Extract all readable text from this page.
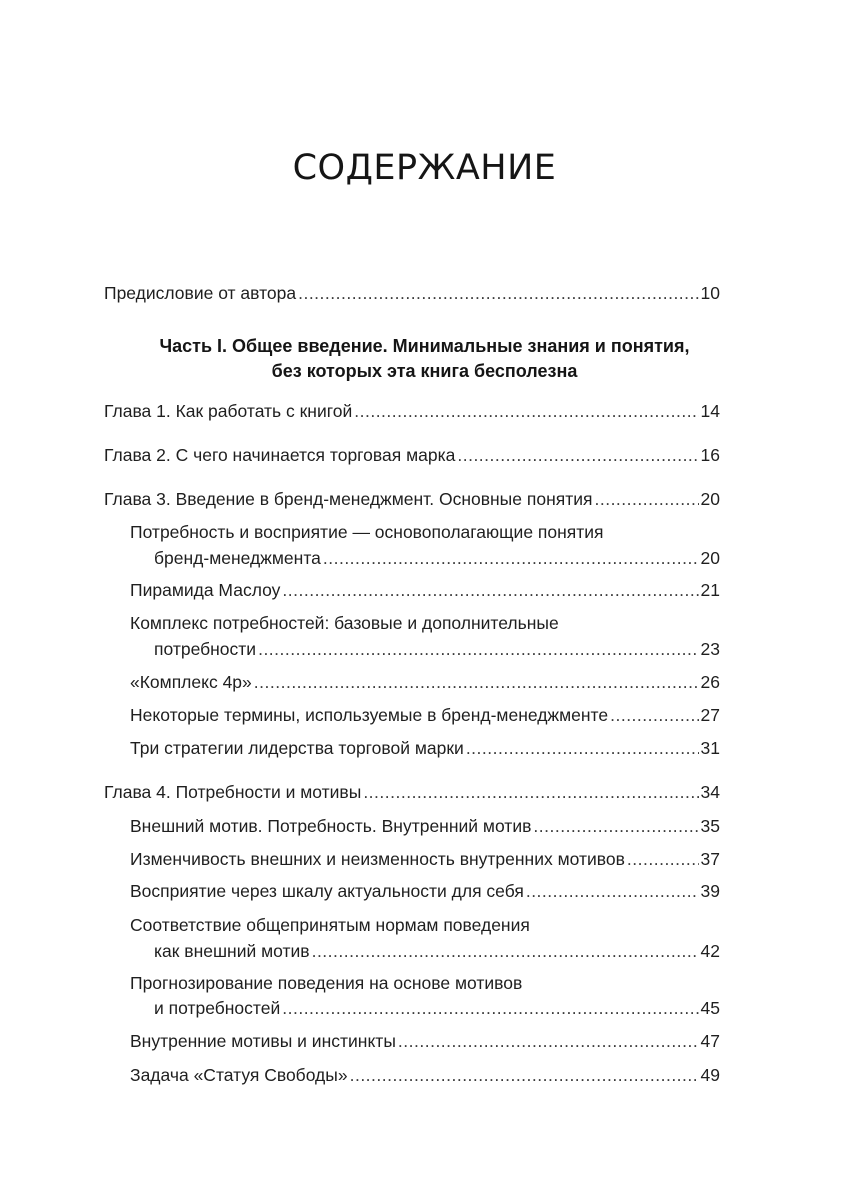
СОДЕРЖАНИЕ
Предисловие от автора .....	10
Часть I. Общее введение. Минимальные знания и понятия,
без которых эта книга бесполезна
Глава 1. Как работать с книгой .....	14
Глава 2. С чего начинается торговая марка .....	16
Глава 3. Введение в бренд-менеджмент. Основные понятия .....	20
Потребность и восприятие — основополагающие понятия
бренд-менеджмента .....	20
Пирамида Маслоу .....	21
Комплекс потребностей: базовые и дополнительные
потребности .....	23
«Комплекс 4р» .....	26
Некоторые термины, используемые в бренд-менеджменте .....	27
Три стратегии лидерства торговой марки .....	31
Глава 4. Потребности и мотивы .....	34
Внешний мотив. Потребность. Внутренний мотив .....	35
Изменчивость внешних и неизменность внутренних мотивов .....	37
Восприятие через шкалу актуальности для себя .....	39
Соответствие общепринятым нормам поведения
как внешний мотив .....	42
Прогнозирование поведения на основе мотивов
и потребностей .....	45
Внутренние мотивы и инстинкты .....	47
Задача «Статуя Свободы» .....	49
